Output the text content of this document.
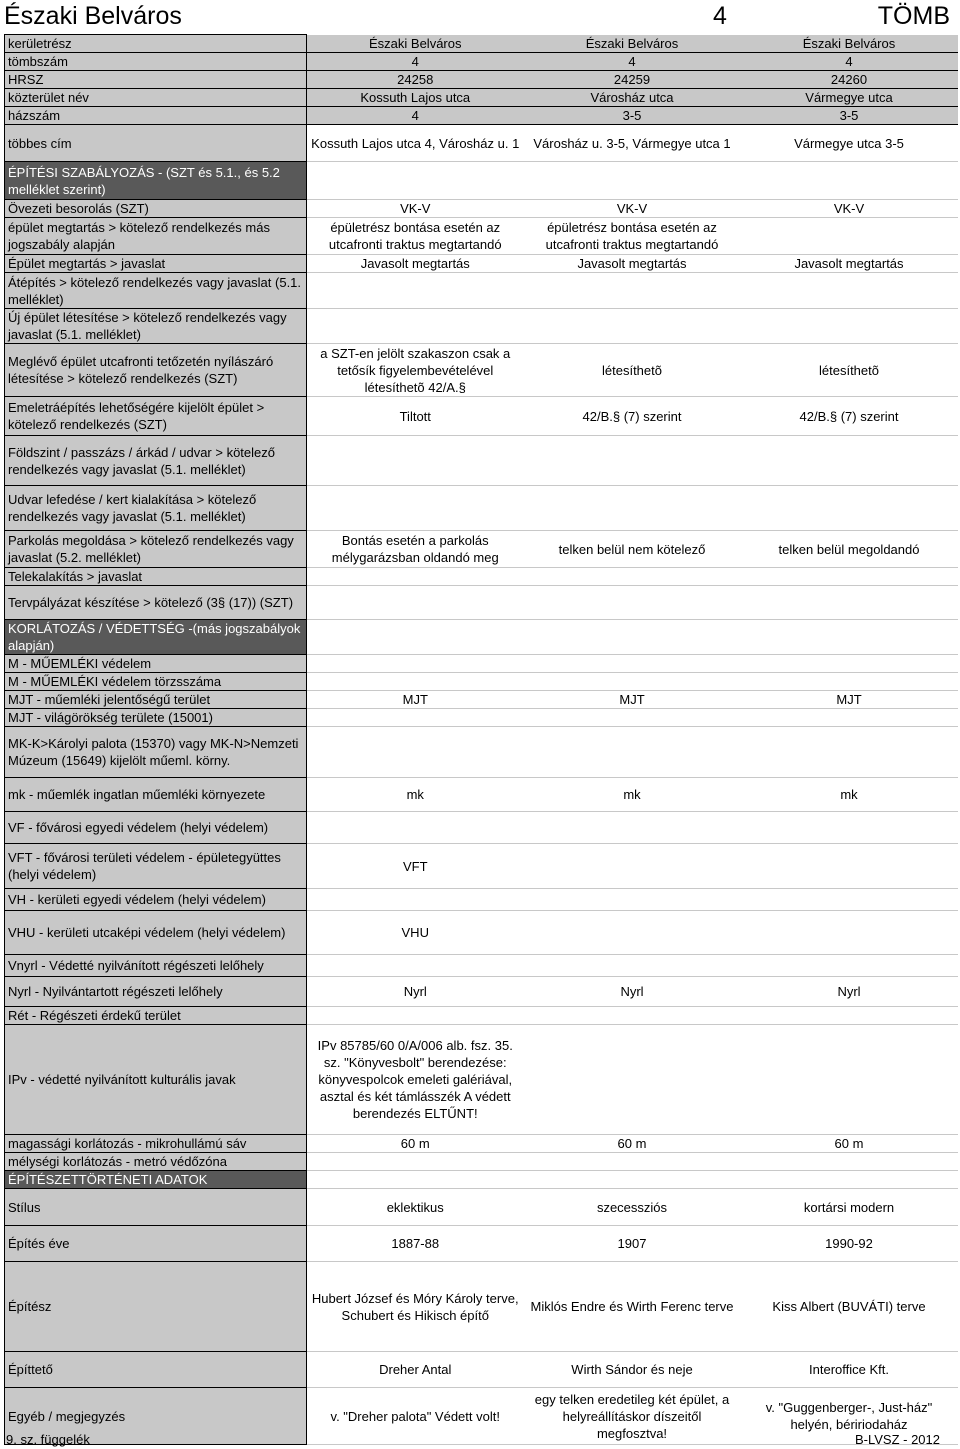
Északi Belváros	4	TÖMB
kerületrész	Északi Belváros	Északi Belváros	Északi Belváros
tömbszám	4	4	4
HRSZ	24258	24259	24260
közterület név	Kossuth Lajos utca	Városház utca	Vármegye utca
házszám	4	3-5	3-5
többes cím	Kossuth Lajos utca 4, Városház u. 1	Városház u. 3-5, Vármegye utca 1	Vármegye utca 3-5
ÉPÍTÉSI SZABÁLYOZÁS - (SZT és 5.1., és 5.2 melléklet szerint)			
Övezeti besorolás (SZT)	VK-V	VK-V	VK-V
épület megtartás > kötelező rendelkezés más jogszabály alapján	épületrész bontása esetén az utcafronti traktus megtartandó	épületrész bontása esetén az utcafronti traktus megtartandó	
Épület megtartás > javaslat	Javasolt megtartás	Javasolt megtartás	Javasolt megtartás
Átépítés > kötelező rendelkezés vagy javaslat (5.1. melléklet)			
Új épület létesítése > kötelező rendelkezés vagy javaslat (5.1. melléklet)			
Meglévő épület utcafronti tetőzetén nyílászáró létesítése > kötelező rendelkezés (SZT)	a SZT-en jelölt szakaszon csak a tetősík figyelembevételével létesíthetõ 42/A.§	létesíthetõ	létesíthetõ
Emeletráépítés lehetőségére kijelölt épület > kötelező rendelkezés (SZT)	Tiltott	42/B.§ (7) szerint	42/B.§ (7) szerint
Földszint / passzázs / árkád / udvar > kötelező rendelkezés vagy javaslat (5.1. melléklet)			
Udvar lefedése / kert kialakítása > kötelező rendelkezés vagy javaslat (5.1. melléklet)			
Parkolás megoldása > kötelező rendelkezés vagy javaslat (5.2. melléklet)	Bontás esetén a parkolás mélygarázsban oldandó meg	telken belül nem kötelező	telken belül megoldandó
Telekalakítás > javaslat			
Tervpályázat készítése > kötelező (3§ (17)) (SZT)			
KORLÁTOZÁS / VÉDETTSÉG -(más jogszabályok alapján)			
M - MŰEMLÉKI védelem			
M - MŰEMLÉKI védelem törzsszáma			
MJT - műemléki jelentőségű terület	MJT	MJT	MJT
MJT - világörökség területe (15001)			
MK-K>Károlyi palota (15370) vagy MK-N>Nemzeti Múzeum (15649) kijelölt műeml. körny.			
mk - műemlék ingatlan műemléki környezete	mk	mk	mk
VF - fővárosi egyedi védelem (helyi védelem)			
VFT - fővárosi területi védelem - épületegyüttes (helyi védelem)	VFT		
VH - kerületi egyedi védelem (helyi védelem)			
VHU - kerületi utcaképi védelem (helyi védelem)	VHU		
Vnyrl - Védetté nyilvánított régészeti lelőhely			
Nyrl - Nyilvántartott régészeti lelőhely	Nyrl	Nyrl	Nyrl
Rét - Régészeti érdekű terület			
IPv - védetté nyilvánított kulturális javak	IPv 85785/60 0/A/006 alb. fsz. 35. sz. "Könyvesbolt" berendezése: könyvespolcok emeleti galériával, asztal és két támlásszék A védett berendezés ELTŰNT!		
magassági korlátozás - mikrohullámú sáv	60 m	60 m	60 m
mélységi korlátozás - metró védőzóna			
ÉPÍTÉSZETTÖRTÉNETI ADATOK			
Stílus	eklektikus	szecessziós	kortársi modern
Építés éve	1887-88	1907	1990-92
Építész	Hubert József és Móry Károly terve, Schubert és Hikisch építő	Miklós Endre és Wirth Ferenc terve	Kiss Albert (BUVÁTI) terve
Építtető	Dreher Antal	Wirth Sándor és neje	Interoffice Kft.
Egyéb / megjegyzés	v. "Dreher palota" Védett volt!	egy telken eredetileg két épület, a helyreállításkor díszeitől megfosztva!	v. "Guggenberger-, Just-ház" helyén, béririodaház
9. sz. függelék	B-LVSZ - 2012
